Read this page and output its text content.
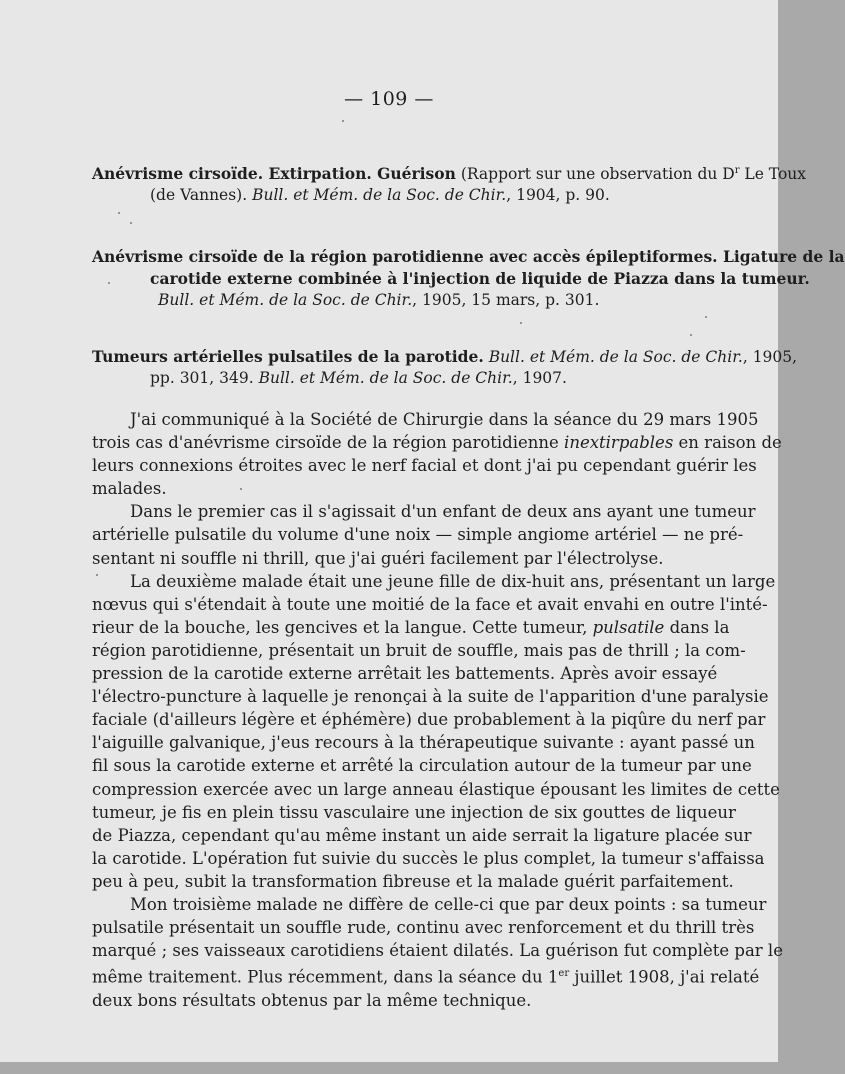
— 109 —
Anévrisme cirsoïde. Extirpation. Guérison (Rapport sur une observation du $D^r$ Le Toux
(de Vannes). Bull. et Mém. de la Soc. de Chir., 1904, p. 90.
Anévrisme cirsoïde de la région parotidienne avec accès épileptiformes. Ligature de la
carotide externe combinée à l'injection de liquide de Piazza dans la tumeur.
Bull. et Mém. de la Soc. de Chir., 1905, 15 mars, p. 301.
Tumeurs artérielles pulsatiles de la parotide. Bull. et Mém. de la Soc. de Chir., 1905,
pp. 301, 349. Bull. et Mém. de la Soc. de Chir., 1907.
J'ai communiqué à la Société de Chirurgie dans la séance du 29 mars 1905
trois cas d'anévrisme cirsoïde de la région parotidienne inextirpables en raison de
leurs connexions étroites avec le nerf facial et dont j'ai pu cependant guérir les
malades.
Dans le premier cas il s'agissait d'un enfant de deux ans ayant une tumeur
artérielle pulsatile du volume d'une noix — simple angiome artériel — ne pré-
sentant ni souffle ni thrill, que j'ai guéri facilement par l'électrolyse.
La deuxième malade était une jeune fille de dix-huit ans, présentant un large
nœvus qui s'étendait à toute une moitié de la face et avait envahi en outre l'inté-
rieur de la bouche, les gencives et la langue. Cette tumeur, pulsatile dans la
région parotidienne, présentait un bruit de souffle, mais pas de thrill ; la com-
pression de la carotide externe arrêtait les battements. Après avoir essayé
l'électro-puncture à laquelle je renonçai à la suite de l'apparition d'une paralysie
faciale (d'ailleurs légère et éphémère) due probablement à la piqûre du nerf par
l'aiguille galvanique, j'eus recours à la thérapeutique suivante : ayant passé un
fil sous la carotide externe et arrêté la circulation autour de la tumeur par une
compression exercée avec un large anneau élastique épousant les limites de cette
tumeur, je fis en plein tissu vasculaire une injection de six gouttes de liqueur
de Piazza, cependant qu'au même instant un aide serrait la ligature placée sur
la carotide. L'opération fut suivie du succès le plus complet, la tumeur s'affaissa
peu à peu, subit la transformation fibreuse et la malade guérit parfaitement.
Mon troisième malade ne diffère de celle-ci que par deux points : sa tumeur
pulsatile présentait un souffle rude, continu avec renforcement et du thrill très
marqué ; ses vaisseaux carotidiens étaient dilatés. La guérison fut complète par le
même traitement. Plus récemment, dans la séance du 1er juillet 1908, j'ai relaté
deux bons résultats obtenus par la même technique.
